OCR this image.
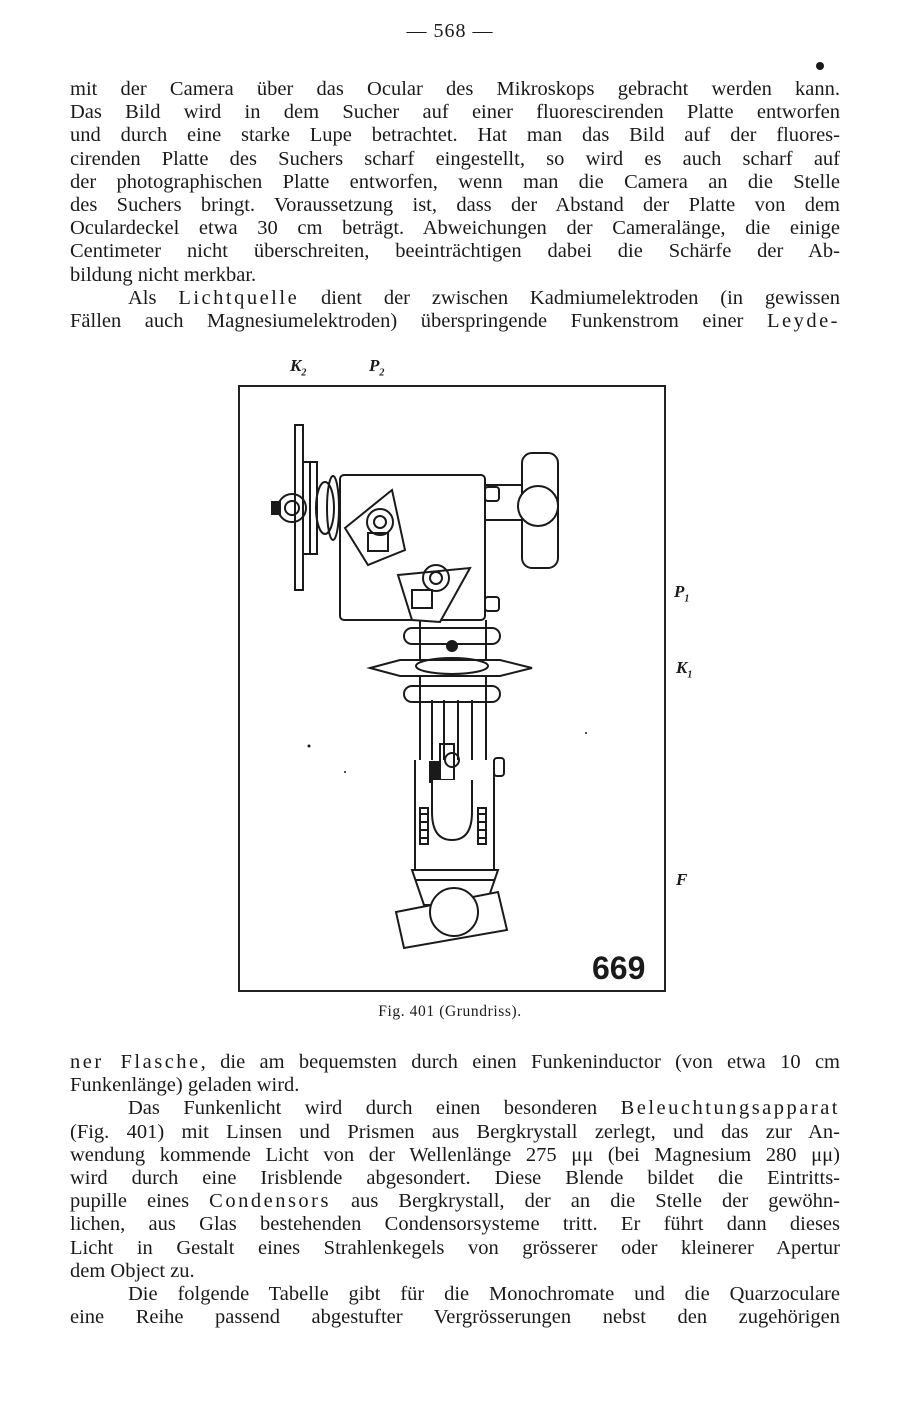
— 568 —
mit der Camera über das Ocular des Mikroskops gebracht werden kann.
Das Bild wird in dem Sucher auf einer fluorescirenden Platte entworfen
und durch eine starke Lupe betrachtet. Hat man das Bild auf der fluores-
cirenden Platte des Suchers scharf eingestellt, so wird es auch scharf auf
der photographischen Platte entworfen, wenn man die Camera an die Stelle
des Suchers bringt. Voraussetzung ist, dass der Abstand der Platte von dem
Oculardeckel etwa 30 cm beträgt. Abweichungen der Cameralänge, die einige
Centimeter nicht überschreiten, beeinträchtigen dabei die Schärfe der Ab-
bildung nicht merkbar.
Als Lichtquelle dient der zwischen Kadmiumelektroden (in gewissen
Fällen auch Magnesiumelektroden) überspringende Funkenstrom einer Leyde-
$K_2$	$P_2$
$P_1$
$K_1$
F
669
Fig. 401 (Grundriss).
ner Flasche, die am bequemsten durch einen Funkeninductor (von etwa 10 cm
Funkenlänge) geladen wird.
Das Funkenlicht wird durch einen besonderen Beleuchtungsapparat
(Fig. 401) mit Linsen und Prismen aus Bergkrystall zerlegt, und das zur An-
wendung kommende Licht von der Wellenlänge 275 μμ (bei Magnesium 280 μμ)
wird durch eine Irisblende abgesondert. Diese Blende bildet die Eintritts-
pupille eines Condensors aus Bergkrystall, der an die Stelle der gewöhn-
lichen, aus Glas bestehenden Condensorsysteme tritt. Er führt dann dieses
Licht in Gestalt eines Strahlenkegels von grösserer oder kleinerer Apertur
dem Object zu.
Die folgende Tabelle gibt für die Monochromate und die Quarzoculare
eine Reihe passend abgestufter Vergrösserungen nebst den zugehörigen
